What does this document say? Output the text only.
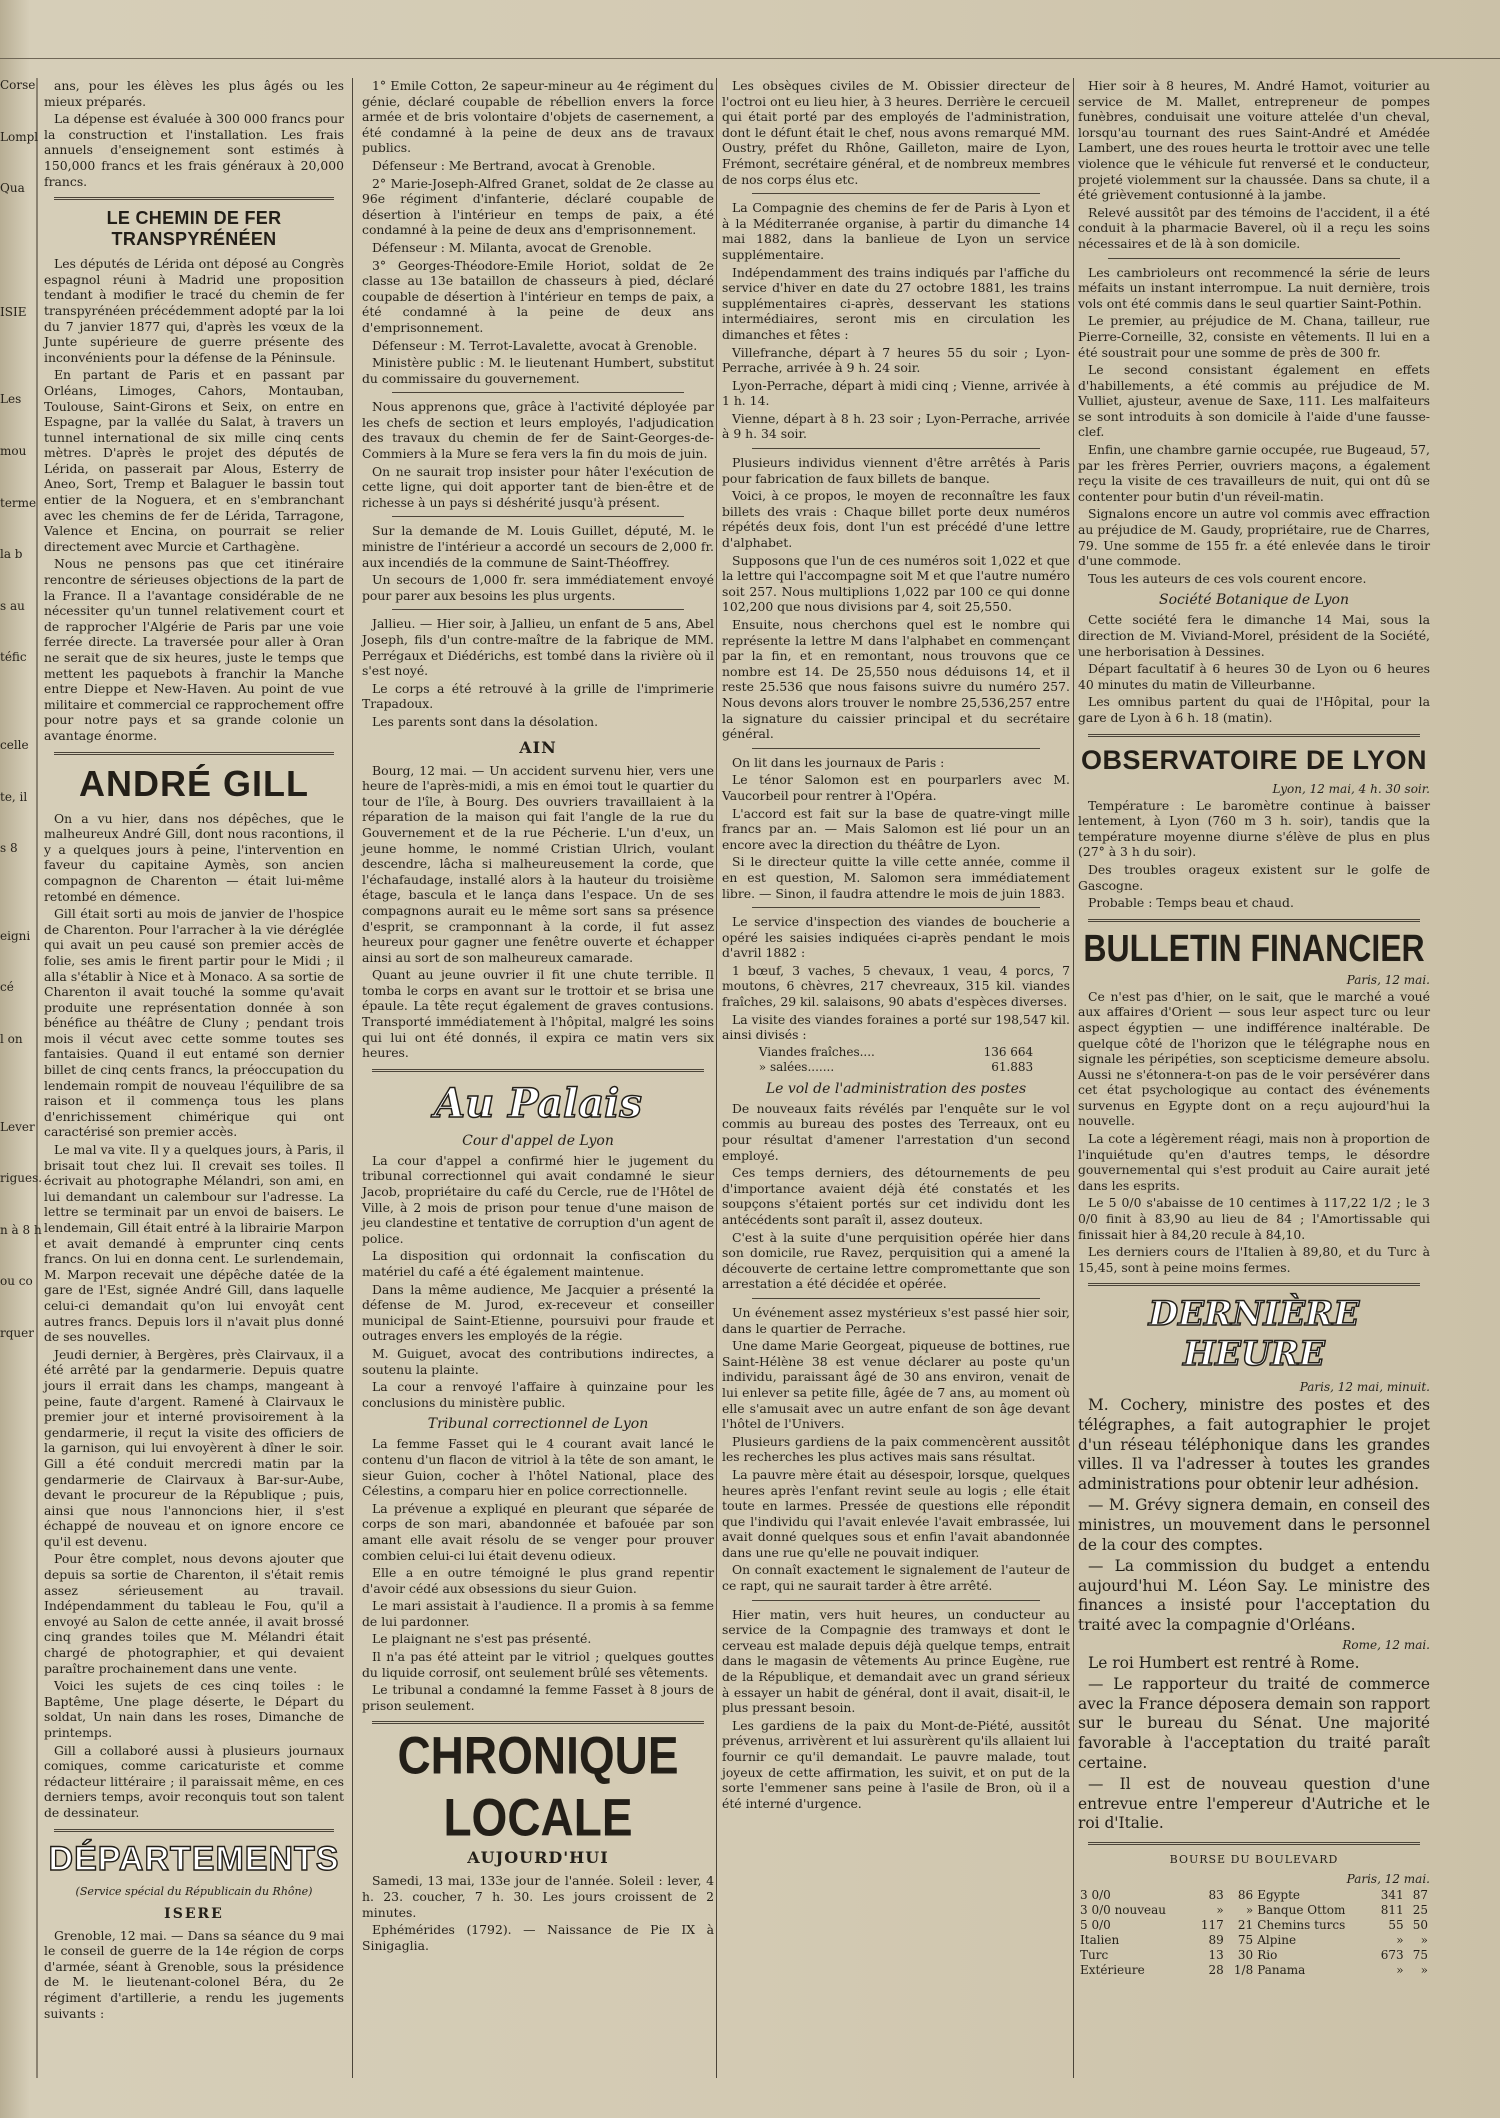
Corse
Lompl
Qua
ISIE
Les
mou
terme
la b
s au
téfic
celle
te, il
s 8
eigni
cé
l on
Lever
rigues.
n à 8 h
ou co
rquer

ans, pour les élèves les plus âgés ou les mieux préparés.

La dépense est évaluée à 300 000 francs pour la construction et l'installation. Les frais annuels d'enseignement sont estimés à 150,000 francs et les frais généraux à 20,000 francs.

LE CHEMIN DE FER TRANSPYRÉNÉEN

Les députés de Lérida ont déposé au Congrès espagnol réuni à Madrid une proposition tendant à modifier le tracé du chemin de fer transpyrénéen précédemment adopté par la loi du 7 janvier 1877 qui, d'après les vœux de la Junte supérieure de guerre présente des inconvénients pour la défense de la Péninsule.

En partant de Paris et en passant par Orléans, Limoges, Cahors, Montauban, Toulouse, Saint-Girons et Seix, on entre en Espagne, par la vallée du Salat, à travers un tunnel international de six mille cinq cents mètres. D'après le projet des députés de Lérida, on passerait par Alous, Esterry de Aneo, Sort, Tremp et Balaguer le bassin tout entier de la Noguera, et en s'embranchant avec les chemins de fer de Lérida, Tarragone, Valence et Encina, on pourrait se relier directement avec Murcie et Carthagène.

Nous ne pensons pas que cet itinéraire rencontre de sérieuses objections de la part de la France. Il a l'avantage considérable de ne nécessiter qu'un tunnel relativement court et de rapprocher l'Algérie de Paris par une voie ferrée directe. La traversée pour aller à Oran ne serait que de six heures, juste le temps que mettent les paquebots à franchir la Manche entre Dieppe et New-Haven. Au point de vue militaire et commercial ce rapprochement offre pour notre pays et sa grande colonie un avantage énorme.

ANDRÉ GILL

On a vu hier, dans nos dépêches, que le malheureux André Gill, dont nous racontions, il y a quelques jours à peine, l'intervention en faveur du capitaine Aymès, son ancien compagnon de Charenton — était lui-même retombé en démence.

Gill était sorti au mois de janvier de l'hospice de Charenton. Pour l'arracher à la vie déréglée qui avait un peu causé son premier accès de folie, ses amis le firent partir pour le Midi ; il alla s'établir à Nice et à Monaco. A sa sortie de Charenton il avait touché la somme qu'avait produite une représentation donnée à son bénéfice au théâtre de Cluny ; pendant trois mois il vécut avec cette somme toutes ses fantaisies. Quand il eut entamé son dernier billet de cinq cents francs, la préoccupation du lendemain rompit de nouveau l'équilibre de sa raison et il commença tous les plans d'enrichissement chimérique qui ont caractérisé son premier accès.

Le mal va vite. Il y a quelques jours, à Paris, il brisait tout chez lui. Il crevait ses toiles. Il écrivait au photographe Mélandri, son ami, en lui demandant un calembour sur l'adresse. La lettre se terminait par un envoi de baisers. Le lendemain, Gill était entré à la librairie Marpon et avait demandé à emprunter cinq cents francs. On lui en donna cent. Le surlendemain, M. Marpon recevait une dépêche datée de la gare de l'Est, signée André Gill, dans laquelle celui-ci demandait qu'on lui envoyât cent autres francs. Depuis lors il n'avait plus donné de ses nouvelles.

Jeudi dernier, à Bergères, près Clairvaux, il a été arrêté par la gendarmerie. Depuis quatre jours il errait dans les champs, mangeant à peine, faute d'argent. Ramené à Clairvaux le premier jour et interné provisoirement à la gendarmerie, il reçut la visite des officiers de la garnison, qui lui envoyèrent à dîner le soir. Gill a été conduit mercredi matin par la gendarmerie de Clairvaux à Bar-sur-Aube, devant le procureur de la République ; puis, ainsi que nous l'annoncions hier, il s'est échappé de nouveau et on ignore encore ce qu'il est devenu.

Pour être complet, nous devons ajouter que depuis sa sortie de Charenton, il s'était remis assez sérieusement au travail. Indépendamment du tableau le Fou, qu'il a envoyé au Salon de cette année, il avait brossé cinq grandes toiles que M. Mélandri était chargé de photographier, et qui devaient paraître prochainement dans une vente.

Voici les sujets de ces cinq toiles : le Baptême, Une plage déserte, le Départ du soldat, Un nain dans les roses, Dimanche de printemps.

Gill a collaboré aussi à plusieurs journaux comiques, comme caricaturiste et comme rédacteur littéraire ; il paraissait même, en ces derniers temps, avoir reconquis tout son talent de dessinateur.

DÉPARTEMENTS
(Service spécial du Républicain du Rhône)
ISERE

Grenoble, 12 mai. — Dans sa séance du 9 mai le conseil de guerre de la 14e région de corps d'armée, séant à Grenoble, sous la présidence de M. le lieutenant-colonel Béra, du 2e régiment d'artillerie, a rendu les jugements suivants :

1° Emile Cotton, 2e sapeur-mineur au 4e régiment du génie, déclaré coupable de rébellion envers la force armée et de bris volontaire d'objets de casernement, a été condamné à la peine de deux ans de travaux publics.

Défenseur : Me Bertrand, avocat à Grenoble.

2° Marie-Joseph-Alfred Granet, soldat de 2e classe au 96e régiment d'infanterie, déclaré coupable de désertion à l'intérieur en temps de paix, a été condamné à la peine de deux ans d'emprisonnement.

Défenseur : M. Milanta, avocat de Grenoble.

3° Georges-Théodore-Emile Horiot, soldat de 2e classe au 13e bataillon de chasseurs à pied, déclaré coupable de désertion à l'intérieur en temps de paix, a été condamné à la peine de deux ans d'emprisonnement.

Défenseur : M. Terrot-Lavalette, avocat à Grenoble.

Ministère public : M. le lieutenant Humbert, substitut du commissaire du gouvernement.

Nous apprenons que, grâce à l'activité déployée par les chefs de section et leurs employés, l'adjudication des travaux du chemin de fer de Saint-Georges-de-Commiers à la Mure se fera vers la fin du mois de juin.

On ne saurait trop insister pour hâter l'exécution de cette ligne, qui doit apporter tant de bien-être et de richesse à un pays si déshérité jusqu'à présent.

Sur la demande de M. Louis Guillet, député, M. le ministre de l'intérieur a accordé un secours de 2,000 fr. aux incendiés de la commune de Saint-Théoffrey.

Un secours de 1,000 fr. sera immédiatement envoyé pour parer aux besoins les plus urgents.

Jallieu. — Hier soir, à Jallieu, un enfant de 5 ans, Abel Joseph, fils d'un contre-maître de la fabrique de MM. Perrégaux et Diédérichs, est tombé dans la rivière où il s'est noyé.

Le corps a été retrouvé à la grille de l'imprimerie Trapadoux.

Les parents sont dans la désolation.

AIN

Bourg, 12 mai. — Un accident survenu hier, vers une heure de l'après-midi, a mis en émoi tout le quartier du tour de l'île, à Bourg. Des ouvriers travaillaient à la réparation de la maison qui fait l'angle de la rue du Gouvernement et de la rue Pécherie. L'un d'eux, un jeune homme, le nommé Cristian Ulrich, voulant descendre, lâcha si malheureusement la corde, que l'échafaudage, installé alors à la hauteur du troisième étage, bascula et le lança dans l'espace. Un de ses compagnons aurait eu le même sort sans sa présence d'esprit, se cramponnant à la corde, il fut assez heureux pour gagner une fenêtre ouverte et échapper ainsi au sort de son malheureux camarade.

Quant au jeune ouvrier il fit une chute terrible. Il tomba le corps en avant sur le trottoir et se brisa une épaule. La tête reçut également de graves contusions. Transporté immédiatement à l'hôpital, malgré les soins qui lui ont été donnés, il expira ce matin vers six heures.

Au Palais
Cour d'appel de Lyon

La cour d'appel a confirmé hier le jugement du tribunal correctionnel qui avait condamné le sieur Jacob, propriétaire du café du Cercle, rue de l'Hôtel de Ville, à 2 mois de prison pour tenue d'une maison de jeu clandestine et tentative de corruption d'un agent de police.

La disposition qui ordonnait la confiscation du matériel du café a été également maintenue.

Dans la même audience, Me Jacquier a présenté la défense de M. Jurod, ex-receveur et conseiller municipal de Saint-Etienne, poursuivi pour fraude et outrages envers les employés de la régie.

M. Guiguet, avocat des contributions indirectes, a soutenu la plainte.

La cour a renvoyé l'affaire à quinzaine pour les conclusions du ministère public.

Tribunal correctionnel de Lyon

La femme Fasset qui le 4 courant avait lancé le contenu d'un flacon de vitriol à la tête de son amant, le sieur Guion, cocher à l'hôtel National, place des Célestins, a comparu hier en police correctionnelle.

La prévenue a expliqué en pleurant que séparée de corps de son mari, abandonnée et bafouée par son amant elle avait résolu de se venger pour prouver combien celui-ci lui était devenu odieux.

Elle a en outre témoigné le plus grand repentir d'avoir cédé aux obsessions du sieur Guion.

Le mari assistait à l'audience. Il a promis à sa femme de lui pardonner.

Le plaignant ne s'est pas présenté.

Il n'a pas été atteint par le vitriol ; quelques gouttes du liquide corrosif, ont seulement brûlé ses vêtements.

Le tribunal a condamné la femme Fasset à 8 jours de prison seulement.

CHRONIQUE LOCALE
AUJOURD'HUI

Samedi, 13 mai, 133e jour de l'année. Soleil : lever, 4 h. 23. coucher, 7 h. 30. Les jours croissent de 2 minutes.

Ephémérides (1792). — Naissance de Pie IX à Sinigaglia.

Les obsèques civiles de M. Obissier directeur de l'octroi ont eu lieu hier, à 3 heures. Derrière le cercueil qui était porté par des employés de l'administration, dont le défunt était le chef, nous avons remarqué MM. Oustry, préfet du Rhône, Gailleton, maire de Lyon, Frémont, secrétaire général, et de nombreux membres de nos corps élus etc.

La Compagnie des chemins de fer de Paris à Lyon et à la Méditerranée organise, à partir du dimanche 14 mai 1882, dans la banlieue de Lyon un service supplémentaire.

Indépendamment des trains indiqués par l'affiche du service d'hiver en date du 27 octobre 1881, les trains supplémentaires ci-après, desservant les stations intermédiaires, seront mis en circulation les dimanches et fêtes :

Villefranche, départ à 7 heures 55 du soir ; Lyon-Perrache, arrivée à 9 h. 24 soir.

Lyon-Perrache, départ à midi cinq ; Vienne, arrivée à 1 h. 14.

Vienne, départ à 8 h. 23 soir ; Lyon-Perrache, arrivée à 9 h. 34 soir.

Plusieurs individus viennent d'être arrêtés à Paris pour fabrication de faux billets de banque.

Voici, à ce propos, le moyen de reconnaître les faux billets des vrais : Chaque billet porte deux numéros répétés deux fois, dont l'un est précédé d'une lettre d'alphabet.

Supposons que l'un de ces numéros soit 1,022 et que la lettre qui l'accompagne soit M et que l'autre numéro soit 257. Nous multiplions 1,022 par 100 ce qui donne 102,200 que nous divisions par 4, soit 25,550.

Ensuite, nous cherchons quel est le nombre qui représente la lettre M dans l'alphabet en commençant par la fin, et en remontant, nous trouvons que ce nombre est 14. De 25,550 nous déduisons 14, et il reste 25.536 que nous faisons suivre du numéro 257. Nous devons alors trouver le nombre 25,536,257 entre la signature du caissier principal et du secrétaire général.

On lit dans les journaux de Paris :

Le ténor Salomon est en pourparlers avec M. Vaucorbeil pour rentrer à l'Opéra.

L'accord est fait sur la base de quatre-vingt mille francs par an. — Mais Salomon est lié pour un an encore avec la direction du théâtre de Lyon.

Si le directeur quitte la ville cette année, comme il en est question, M. Salomon sera immédiatement libre. — Sinon, il faudra attendre le mois de juin 1883.

Le service d'inspection des viandes de boucherie a opéré les saisies indiquées ci-après pendant le mois d'avril 1882 :

1 bœuf, 3 vaches, 5 chevaux, 1 veau, 4 porcs, 7 moutons, 6 chèvres, 217 chevreaux, 315 kil. viandes fraîches, 29 kil. salaisons, 90 abats d'espèces diverses.

La visite des viandes foraines a porté sur 198,547 kil. ainsi divisés :

Viandes fraîches....	136 664
» salées.......	61.883
Le vol de l'administration des postes

De nouveaux faits révélés par l'enquête sur le vol commis au bureau des postes des Terreaux, ont eu pour résultat d'amener l'arrestation d'un second employé.

Ces temps derniers, des détournements de peu d'importance avaient déjà été constatés et les soupçons s'étaient portés sur cet individu dont les antécédents sont paraît il, assez douteux.

C'est à la suite d'une perquisition opérée hier dans son domicile, rue Ravez, perquisition qui a amené la découverte de certaine lettre compromettante que son arrestation a été décidée et opérée.

Un événement assez mystérieux s'est passé hier soir, dans le quartier de Perrache.

Une dame Marie Georgeat, piqueuse de bottines, rue Saint-Hélène 38 est venue déclarer au poste qu'un individu, paraissant âgé de 30 ans environ, venait de lui enlever sa petite fille, âgée de 7 ans, au moment où elle s'amusait avec un autre enfant de son âge devant l'hôtel de l'Univers.

Plusieurs gardiens de la paix commencèrent aussitôt les recherches les plus actives mais sans résultat.

La pauvre mère était au désespoir, lorsque, quelques heures après l'enfant revint seule au logis ; elle était toute en larmes. Pressée de questions elle répondit que l'individu qui l'avait enlevée l'avait embrassée, lui avait donné quelques sous et enfin l'avait abandonnée dans une rue qu'elle ne pouvait indiquer.

On connaît exactement le signalement de l'auteur de ce rapt, qui ne saurait tarder à être arrêté.

Hier matin, vers huit heures, un conducteur au service de la Compagnie des tramways et dont le cerveau est malade depuis déjà quelque temps, entrait dans le magasin de vêtements Au prince Eugène, rue de la République, et demandait avec un grand sérieux à essayer un habit de général, dont il avait, disait-il, le plus pressant besoin.

Les gardiens de la paix du Mont-de-Piété, aussitôt prévenus, arrivèrent et lui assurèrent qu'ils allaient lui fournir ce qu'il demandait. Le pauvre malade, tout joyeux de cette affirmation, les suivit, et on put de la sorte l'emmener sans peine à l'asile de Bron, où il a été interné d'urgence.

Hier soir à 8 heures, M. André Hamot, voiturier au service de M. Mallet, entrepreneur de pompes funèbres, conduisait une voiture attelée d'un cheval, lorsqu'au tournant des rues Saint-André et Amédée Lambert, une des roues heurta le trottoir avec une telle violence que le véhicule fut renversé et le conducteur, projeté violemment sur la chaussée. Dans sa chute, il a été grièvement contusionné à la jambe.

Relevé aussitôt par des témoins de l'accident, il a été conduit à la pharmacie Baverel, où il a reçu les soins nécessaires et de là à son domicile.

Les cambrioleurs ont recommencé la série de leurs méfaits un instant interrompue. La nuit dernière, trois vols ont été commis dans le seul quartier Saint-Pothin.

Le premier, au préjudice de M. Chana, tailleur, rue Pierre-Corneille, 32, consiste en vêtements. Il lui en a été soustrait pour une somme de près de 300 fr.

Le second consistant également en effets d'habillements, a été commis au préjudice de M. Vulliet, ajusteur, avenue de Saxe, 111. Les malfaiteurs se sont introduits à son domicile à l'aide d'une fausse-clef.

Enfin, une chambre garnie occupée, rue Bugeaud, 57, par les frères Perrier, ouvriers maçons, a également reçu la visite de ces travailleurs de nuit, qui ont dû se contenter pour butin d'un réveil-matin.

Signalons encore un autre vol commis avec effraction au préjudice de M. Gaudy, propriétaire, rue de Charres, 79. Une somme de 155 fr. a été enlevée dans le tiroir d'une commode.

Tous les auteurs de ces vols courent encore.

Société Botanique de Lyon

Cette société fera le dimanche 14 Mai, sous la direction de M. Viviand-Morel, président de la Société, une herborisation à Dessines.

Départ facultatif à 6 heures 30 de Lyon ou 6 heures 40 minutes du matin de Villeurbanne.

Les omnibus partent du quai de l'Hôpital, pour la gare de Lyon à 6 h. 18 (matin).

OBSERVATOIRE DE LYON
Lyon, 12 mai, 4 h. 30 soir.

Température : Le baromètre continue à baisser lentement, à Lyon (760 m 3 h. soir), tandis que la température moyenne diurne s'élève de plus en plus (27° à 3 h du soir).

Des troubles orageux existent sur le golfe de Gascogne.

Probable : Temps beau et chaud.

BULLETIN FINANCIER
Paris, 12 mai.

Ce n'est pas d'hier, on le sait, que le marché a voué aux affaires d'Orient — sous leur aspect turc ou leur aspect égyptien — une indifférence inaltérable. De quelque côté de l'horizon que le télégraphe nous en signale les péripéties, son scepticisme demeure absolu. Aussi ne s'étonnera-t-on pas de le voir persévérer dans cet état psychologique au contact des événements survenus en Egypte dont on a reçu aujourd'hui la nouvelle.

La cote a légèrement réagi, mais non à proportion de l'inquiétude qu'en d'autres temps, le désordre gouvernemental qui s'est produit au Caire aurait jeté dans les esprits.

Le 5 0/0 s'abaisse de 10 centimes à 117,22 1/2 ; le 3 0/0 finit à 83,90 au lieu de 84 ; l'Amortissable qui finissait hier à 84,20 recule à 84,10.

Les derniers cours de l'Italien à 89,80, et du Turc à 15,45, sont à peine moins fermes.

DERNIÈRE HEURE
Paris, 12 mai, minuit.

M. Cochery, ministre des postes et des télégraphes, a fait autographier le projet d'un réseau téléphonique dans les grandes villes. Il va l'adresser à toutes les grandes administrations pour obtenir leur adhésion.

— M. Grévy signera demain, en conseil des ministres, un mouvement dans le personnel de la cour des comptes.

— La commission du budget a entendu aujourd'hui M. Léon Say. Le ministre des finances a insisté pour l'acceptation du traité avec la compagnie d'Orléans.

Rome, 12 mai.

Le roi Humbert est rentré à Rome.

— Le rapporteur du traité de commerce avec la France déposera demain son rapport sur le bureau du Sénat. Une majorité favorable à l'acceptation du traité paraît certaine.

— Il est de nouveau question d'une entrevue entre l'empereur d'Autriche et le roi d'Italie.

BOURSE DU BOULEVARD
Paris, 12 mai.
3 0/0	83	86	Egypte	341	87
3 0/0 nouveau	»	»	Banque Ottom	811	25
5 0/0	117	21	Chemins turcs	55	50
Italien	89	75	Alpine	»	»
Turc	13	30	Rio	673	75
Extérieure	28	1/8	Panama	»	»
